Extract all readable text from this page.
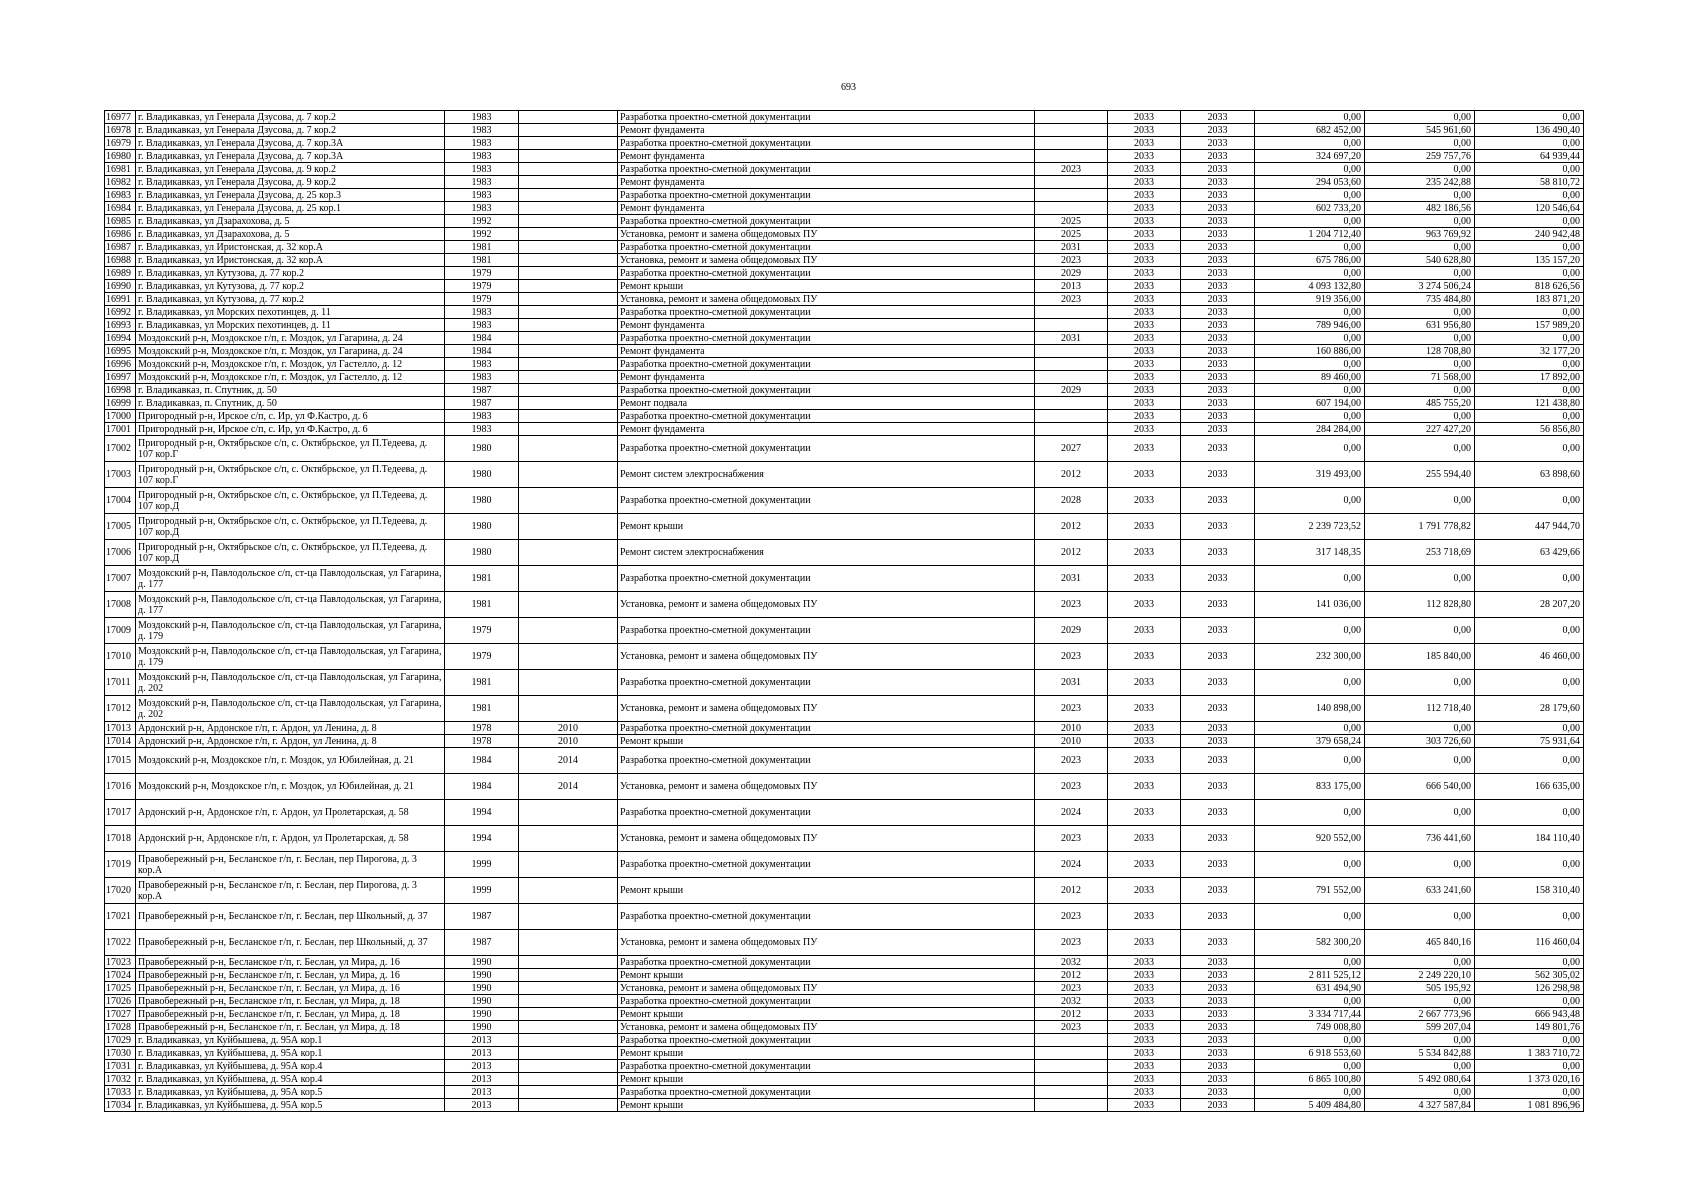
693
16977	г. Владикавказ, ул Генерала Дзусова, д. 7 кор.2	1983		Разработка проектно-сметной документации		2033	2033	0,00	0,00	0,00
16978	г. Владикавказ, ул Генерала Дзусова, д. 7 кор.2	1983		Ремонт фундамента		2033	2033	682 452,00	545 961,60	136 490,40
16979	г. Владикавказ, ул Генерала Дзусова, д. 7 кор.3А	1983		Разработка проектно-сметной документации		2033	2033	0,00	0,00	0,00
16980	г. Владикавказ, ул Генерала Дзусова, д. 7 кор.3А	1983		Ремонт фундамента		2033	2033	324 697,20	259 757,76	64 939,44
16981	г. Владикавказ, ул Генерала Дзусова, д. 9 кор.2	1983		Разработка проектно-сметной документации	2023	2033	2033	0,00	0,00	0,00
16982	г. Владикавказ, ул Генерала Дзусова, д. 9 кор.2	1983		Ремонт фундамента		2033	2033	294 053,60	235 242,88	58 810,72
16983	г. Владикавказ, ул Генерала Дзусова, д. 25 кор.3	1983		Разработка проектно-сметной документации		2033	2033	0,00	0,00	0,00
16984	г. Владикавказ, ул Генерала Дзусова, д. 25 кор.1	1983		Ремонт фундамента		2033	2033	602 733,20	482 186,56	120 546,64
16985	г. Владикавказ, ул Дзарахохова, д. 5	1992		Разработка проектно-сметной документации	2025	2033	2033	0,00	0,00	0,00
16986	г. Владикавказ, ул Дзарахохова, д. 5	1992		Установка, ремонт и замена общедомовых ПУ	2025	2033	2033	1 204 712,40	963 769,92	240 942,48
16987	г. Владикавказ, ул Иристонская, д. 32 кор.А	1981		Разработка проектно-сметной документации	2031	2033	2033	0,00	0,00	0,00
16988	г. Владикавказ, ул Иристонская, д. 32 кор.А	1981		Установка, ремонт и замена общедомовых ПУ	2023	2033	2033	675 786,00	540 628,80	135 157,20
16989	г. Владикавказ, ул Кутузова, д. 77 кор.2	1979		Разработка проектно-сметной документации	2029	2033	2033	0,00	0,00	0,00
16990	г. Владикавказ, ул Кутузова, д. 77 кор.2	1979		Ремонт крыши	2013	2033	2033	4 093 132,80	3 274 506,24	818 626,56
16991	г. Владикавказ, ул Кутузова, д. 77 кор.2	1979		Установка, ремонт и замена общедомовых ПУ	2023	2033	2033	919 356,00	735 484,80	183 871,20
16992	г. Владикавказ, ул Морских пехотинцев, д. 11	1983		Разработка проектно-сметной документации		2033	2033	0,00	0,00	0,00
16993	г. Владикавказ, ул Морских пехотинцев, д. 11	1983		Ремонт фундамента		2033	2033	789 946,00	631 956,80	157 989,20
16994	Моздокский р-н, Моздокское г/п, г. Моздок, ул Гагарина, д. 24	1984		Разработка проектно-сметной документации	2031	2033	2033	0,00	0,00	0,00
16995	Моздокский р-н, Моздокское г/п, г. Моздок, ул Гагарина, д. 24	1984		Ремонт фундамента		2033	2033	160 886,00	128 708,80	32 177,20
16996	Моздокский р-н, Моздокское г/п, г. Моздок, ул Гастелло, д. 12	1983		Разработка проектно-сметной документации		2033	2033	0,00	0,00	0,00
16997	Моздокский р-н, Моздокское г/п, г. Моздок, ул Гастелло, д. 12	1983		Ремонт фундамента		2033	2033	89 460,00	71 568,00	17 892,00
16998	г. Владикавказ, п. Спутник, д. 50	1987		Разработка проектно-сметной документации	2029	2033	2033	0,00	0,00	0,00
16999	г. Владикавказ, п. Спутник, д. 50	1987		Ремонт подвала		2033	2033	607 194,00	485 755,20	121 438,80
17000	Пригородный р-н, Ирское с/п, с. Ир, ул Ф.Кастро, д. 6	1983		Разработка проектно-сметной документации		2033	2033	0,00	0,00	0,00
17001	Пригородный р-н, Ирское с/п, с. Ир, ул Ф.Кастро, д. 6	1983		Ремонт фундамента		2033	2033	284 284,00	227 427,20	56 856,80
17002	Пригородный р-н, Октябрьское с/п, с. Октябрьское, ул П.Тедеева, д. 107 кор.Г	1980		Разработка проектно-сметной документации	2027	2033	2033	0,00	0,00	0,00
17003	Пригородный р-н, Октябрьское с/п, с. Октябрьское, ул П.Тедеева, д. 107 кор.Г	1980		Ремонт систем электроснабжения	2012	2033	2033	319 493,00	255 594,40	63 898,60
17004	Пригородный р-н, Октябрьское с/п, с. Октябрьское, ул П.Тедеева, д. 107 кор.Д	1980		Разработка проектно-сметной документации	2028	2033	2033	0,00	0,00	0,00
17005	Пригородный р-н, Октябрьское с/п, с. Октябрьское, ул П.Тедеева, д. 107 кор.Д	1980		Ремонт крыши	2012	2033	2033	2 239 723,52	1 791 778,82	447 944,70
17006	Пригородный р-н, Октябрьское с/п, с. Октябрьское, ул П.Тедеева, д. 107 кор.Д	1980		Ремонт систем электроснабжения	2012	2033	2033	317 148,35	253 718,69	63 429,66
17007	Моздокский р-н, Павлодольское с/п, ст-ца Павлодольская, ул Гагарина, д. 177	1981		Разработка проектно-сметной документации	2031	2033	2033	0,00	0,00	0,00
17008	Моздокский р-н, Павлодольское с/п, ст-ца Павлодольская, ул Гагарина, д. 177	1981		Установка, ремонт и замена общедомовых ПУ	2023	2033	2033	141 036,00	112 828,80	28 207,20
17009	Моздокский р-н, Павлодольское с/п, ст-ца Павлодольская, ул Гагарина, д. 179	1979		Разработка проектно-сметной документации	2029	2033	2033	0,00	0,00	0,00
17010	Моздокский р-н, Павлодольское с/п, ст-ца Павлодольская, ул Гагарина, д. 179	1979		Установка, ремонт и замена общедомовых ПУ	2023	2033	2033	232 300,00	185 840,00	46 460,00
17011	Моздокский р-н, Павлодольское с/п, ст-ца Павлодольская, ул Гагарина, д. 202	1981		Разработка проектно-сметной документации	2031	2033	2033	0,00	0,00	0,00
17012	Моздокский р-н, Павлодольское с/п, ст-ца Павлодольская, ул Гагарина, д. 202	1981		Установка, ремонт и замена общедомовых ПУ	2023	2033	2033	140 898,00	112 718,40	28 179,60
17013	Ардонский р-н, Ардонское г/п, г. Ардон, ул Ленина, д. 8	1978	2010	Разработка проектно-сметной документации	2010	2033	2033	0,00	0,00	0,00
17014	Ардонский р-н, Ардонское г/п, г. Ардон, ул Ленина, д. 8	1978	2010	Ремонт крыши	2010	2033	2033	379 658,24	303 726,60	75 931,64
17015	Моздокский р-н, Моздокское г/п, г. Моздок, ул Юбилейная, д. 21	1984	2014	Разработка проектно-сметной документации	2023	2033	2033	0,00	0,00	0,00
17016	Моздокский р-н, Моздокское г/п, г. Моздок, ул Юбилейная, д. 21	1984	2014	Установка, ремонт и замена общедомовых ПУ	2023	2033	2033	833 175,00	666 540,00	166 635,00
17017	Ардонский р-н, Ардонское г/п, г. Ардон, ул Пролетарская, д. 58	1994		Разработка проектно-сметной документации	2024	2033	2033	0,00	0,00	0,00
17018	Ардонский р-н, Ардонское г/п, г. Ардон, ул Пролетарская, д. 58	1994		Установка, ремонт и замена общедомовых ПУ	2023	2033	2033	920 552,00	736 441,60	184 110,40
17019	Правобережный р-н, Бесланское г/п, г. Беслан, пер Пирогова, д. 3 кор.А	1999		Разработка проектно-сметной документации	2024	2033	2033	0,00	0,00	0,00
17020	Правобережный р-н, Бесланское г/п, г. Беслан, пер Пирогова, д. 3 кор.А	1999		Ремонт крыши	2012	2033	2033	791 552,00	633 241,60	158 310,40
17021	Правобережный р-н, Бесланское г/п, г. Беслан, пер Школьный, д. 37	1987		Разработка проектно-сметной документации	2023	2033	2033	0,00	0,00	0,00
17022	Правобережный р-н, Бесланское г/п, г. Беслан, пер Школьный, д. 37	1987		Установка, ремонт и замена общедомовых ПУ	2023	2033	2033	582 300,20	465 840,16	116 460,04
17023	Правобережный р-н, Бесланское г/п, г. Беслан, ул Мира, д. 16	1990		Разработка проектно-сметной документации	2032	2033	2033	0,00	0,00	0,00
17024	Правобережный р-н, Бесланское г/п, г. Беслан, ул Мира, д. 16	1990		Ремонт крыши	2012	2033	2033	2 811 525,12	2 249 220,10	562 305,02
17025	Правобережный р-н, Бесланское г/п, г. Беслан, ул Мира, д. 16	1990		Установка, ремонт и замена общедомовых ПУ	2023	2033	2033	631 494,90	505 195,92	126 298,98
17026	Правобережный р-н, Бесланское г/п, г. Беслан, ул Мира, д. 18	1990		Разработка проектно-сметной документации	2032	2033	2033	0,00	0,00	0,00
17027	Правобережный р-н, Бесланское г/п, г. Беслан, ул Мира, д. 18	1990		Ремонт крыши	2012	2033	2033	3 334 717,44	2 667 773,96	666 943,48
17028	Правобережный р-н, Бесланское г/п, г. Беслан, ул Мира, д. 18	1990		Установка, ремонт и замена общедомовых ПУ	2023	2033	2033	749 008,80	599 207,04	149 801,76
17029	г. Владикавказ, ул Куйбышева, д. 95А кор.1	2013		Разработка проектно-сметной документации		2033	2033	0,00	0,00	0,00
17030	г. Владикавказ, ул Куйбышева, д. 95А кор.1	2013		Ремонт крыши		2033	2033	6 918 553,60	5 534 842,88	1 383 710,72
17031	г. Владикавказ, ул Куйбышева, д. 95А кор.4	2013		Разработка проектно-сметной документации		2033	2033	0,00	0,00	0,00
17032	г. Владикавказ, ул Куйбышева, д. 95А кор.4	2013		Ремонт крыши		2033	2033	6 865 100,80	5 492 080,64	1 373 020,16
17033	г. Владикавказ, ул Куйбышева, д. 95А кор.5	2013		Разработка проектно-сметной документации		2033	2033	0,00	0,00	0,00
17034	г. Владикавказ, ул Куйбышева, д. 95А кор.5	2013		Ремонт крыши		2033	2033	5 409 484,80	4 327 587,84	1 081 896,96
